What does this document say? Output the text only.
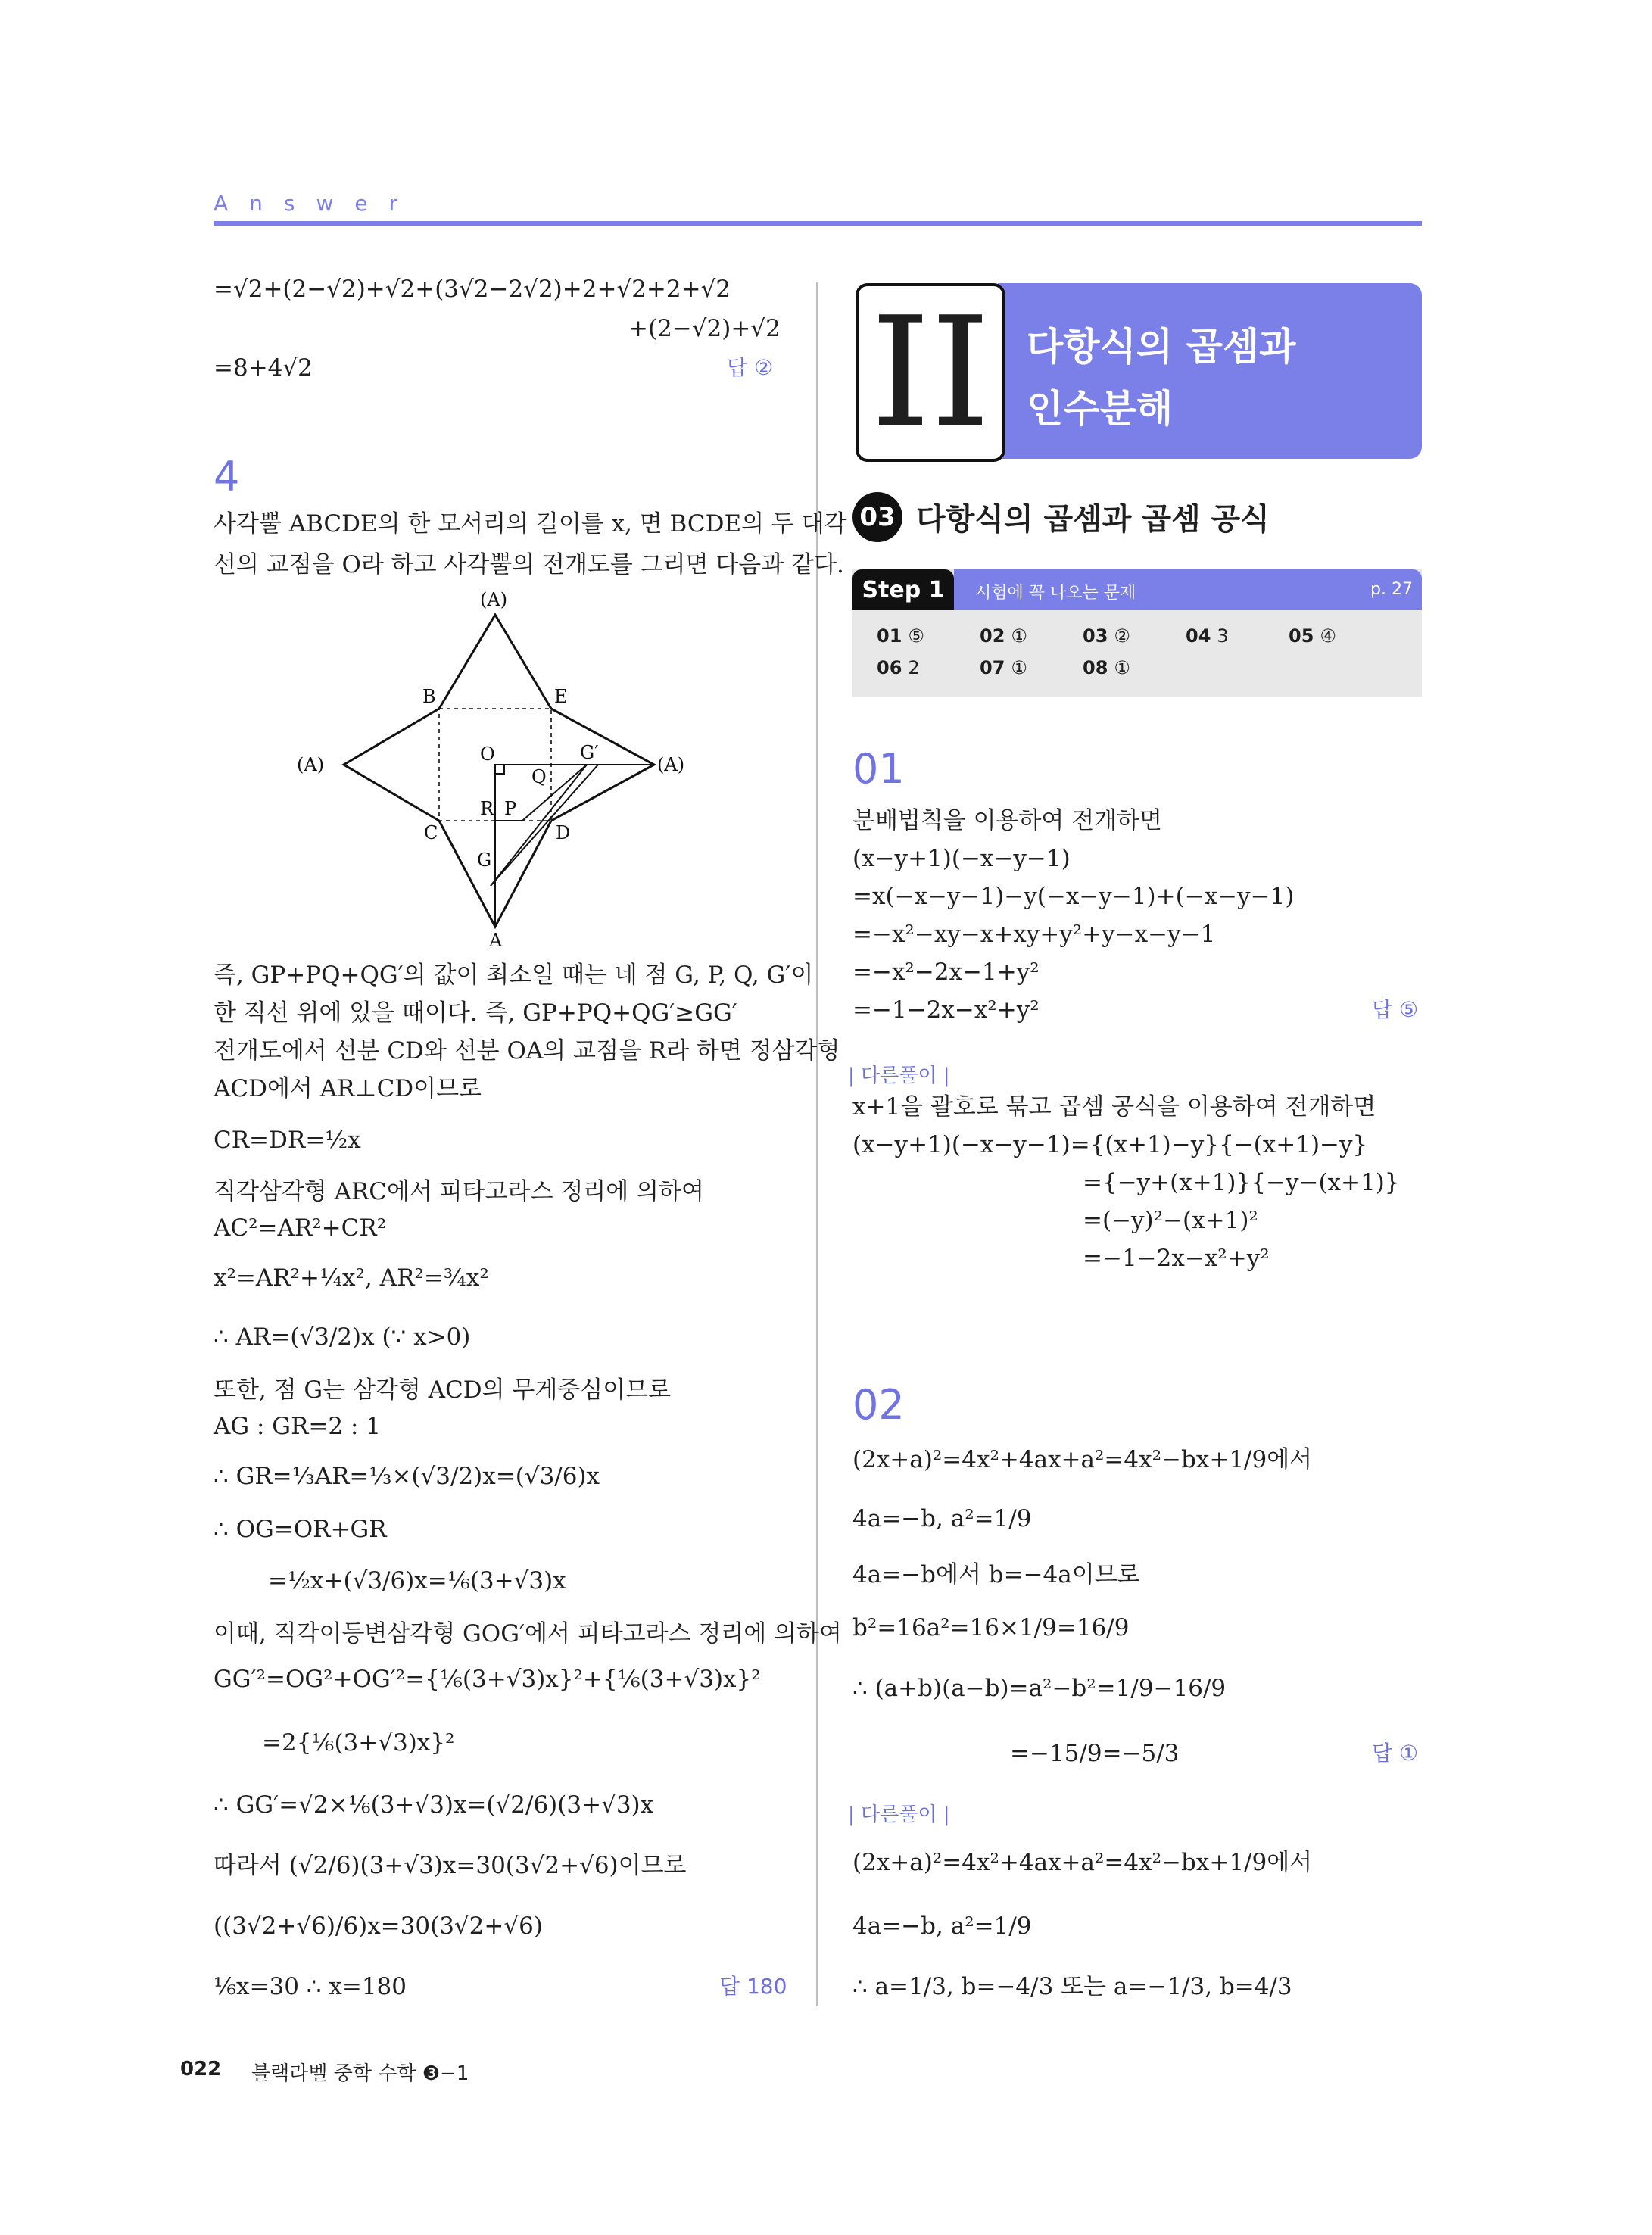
Answer
=√2+(2−√2)+√2+(3√2−2√2)+2+√2+2+√2
+(2−√2)+√2
=8+4√2	답 ②
4
사각뿔 ABCDE의 한 모서리의 길이를 x, 면 BCDE의 두 대각
선의 교점을 O라 하고 사각뿔의 전개도를 그리면 다음과 같다.
(A)
(A)	(A)
A
B	E
C	D
O	G′
Q
R P
G
즉, GP+PQ+QG′의 값이 최소일 때는 네 점 G, P, Q, G′이
한 직선 위에 있을 때이다. 즉, GP+PQ+QG′≥GG′
전개도에서 선분 CD와 선분 OA의 교점을 R라 하면 정삼각형
ACD에서 AR⊥CD이므로
CR=DR=½x
직각삼각형 ARC에서 피타고라스 정리에 의하여
AC²=AR²+CR²
x²=AR²+¼x², AR²=¾x²
∴ AR=(√3/2)x (∵ x>0)
또한, 점 G는 삼각형 ACD의 무게중심이므로
AG : GR=2 : 1
∴ GR=⅓AR=⅓×(√3/2)x=(√3/6)x
∴ OG=OR+GR
=½x+(√3/6)x=⅙(3+√3)x
이때, 직각이등변삼각형 GOG′에서 피타고라스 정리에 의하여
GG′²=OG²+OG′²={⅙(3+√3)x}²+{⅙(3+√3)x}²
=2{⅙(3+√3)x}²
∴ GG′=√2×⅙(3+√3)x=(√2/6)(3+√3)x
따라서 (√2/6)(3+√3)x=30(3√2+√6)이므로
((3√2+√6)/6)x=30(3√2+√6)
⅙x=30 ∴ x=180	답 180
II 다항식의 곱셈과
인수분해
03 다항식의 곱셈과 곱셈 공식
Step 1	시험에 꼭 나오는 문제	p. 27
01 ⑤	02 ①	03 ②	04 3	05 ④
06 2	07 ①	08 ①
01
분배법칙을 이용하여 전개하면
(x−y+1)(−x−y−1)
=x(−x−y−1)−y(−x−y−1)+(−x−y−1)
=−x²−xy−x+xy+y²+y−x−y−1
=−x²−2x−1+y²
=−1−2x−x²+y²	답 ⑤
| 다른풀이 |
x+1을 괄호로 묶고 곱셈 공식을 이용하여 전개하면
(x−y+1)(−x−y−1)={(x+1)−y}{−(x+1)−y}
={−y+(x+1)}{−y−(x+1)}
=(−y)²−(x+1)²
=−1−2x−x²+y²
02
(2x+a)²=4x²+4ax+a²=4x²−bx+1/9에서
4a=−b, a²=1/9
4a=−b에서 b=−4a이므로
b²=16a²=16×1/9=16/9
∴ (a+b)(a−b)=a²−b²=1/9−16/9
=−15/9=−5/3	답 ①
| 다른풀이 |
(2x+a)²=4x²+4ax+a²=4x²−bx+1/9에서
4a=−b, a²=1/9
∴ a=1/3, b=−4/3 또는 a=−1/3, b=4/3
022 블랙라벨 중학 수학 ❸−1
